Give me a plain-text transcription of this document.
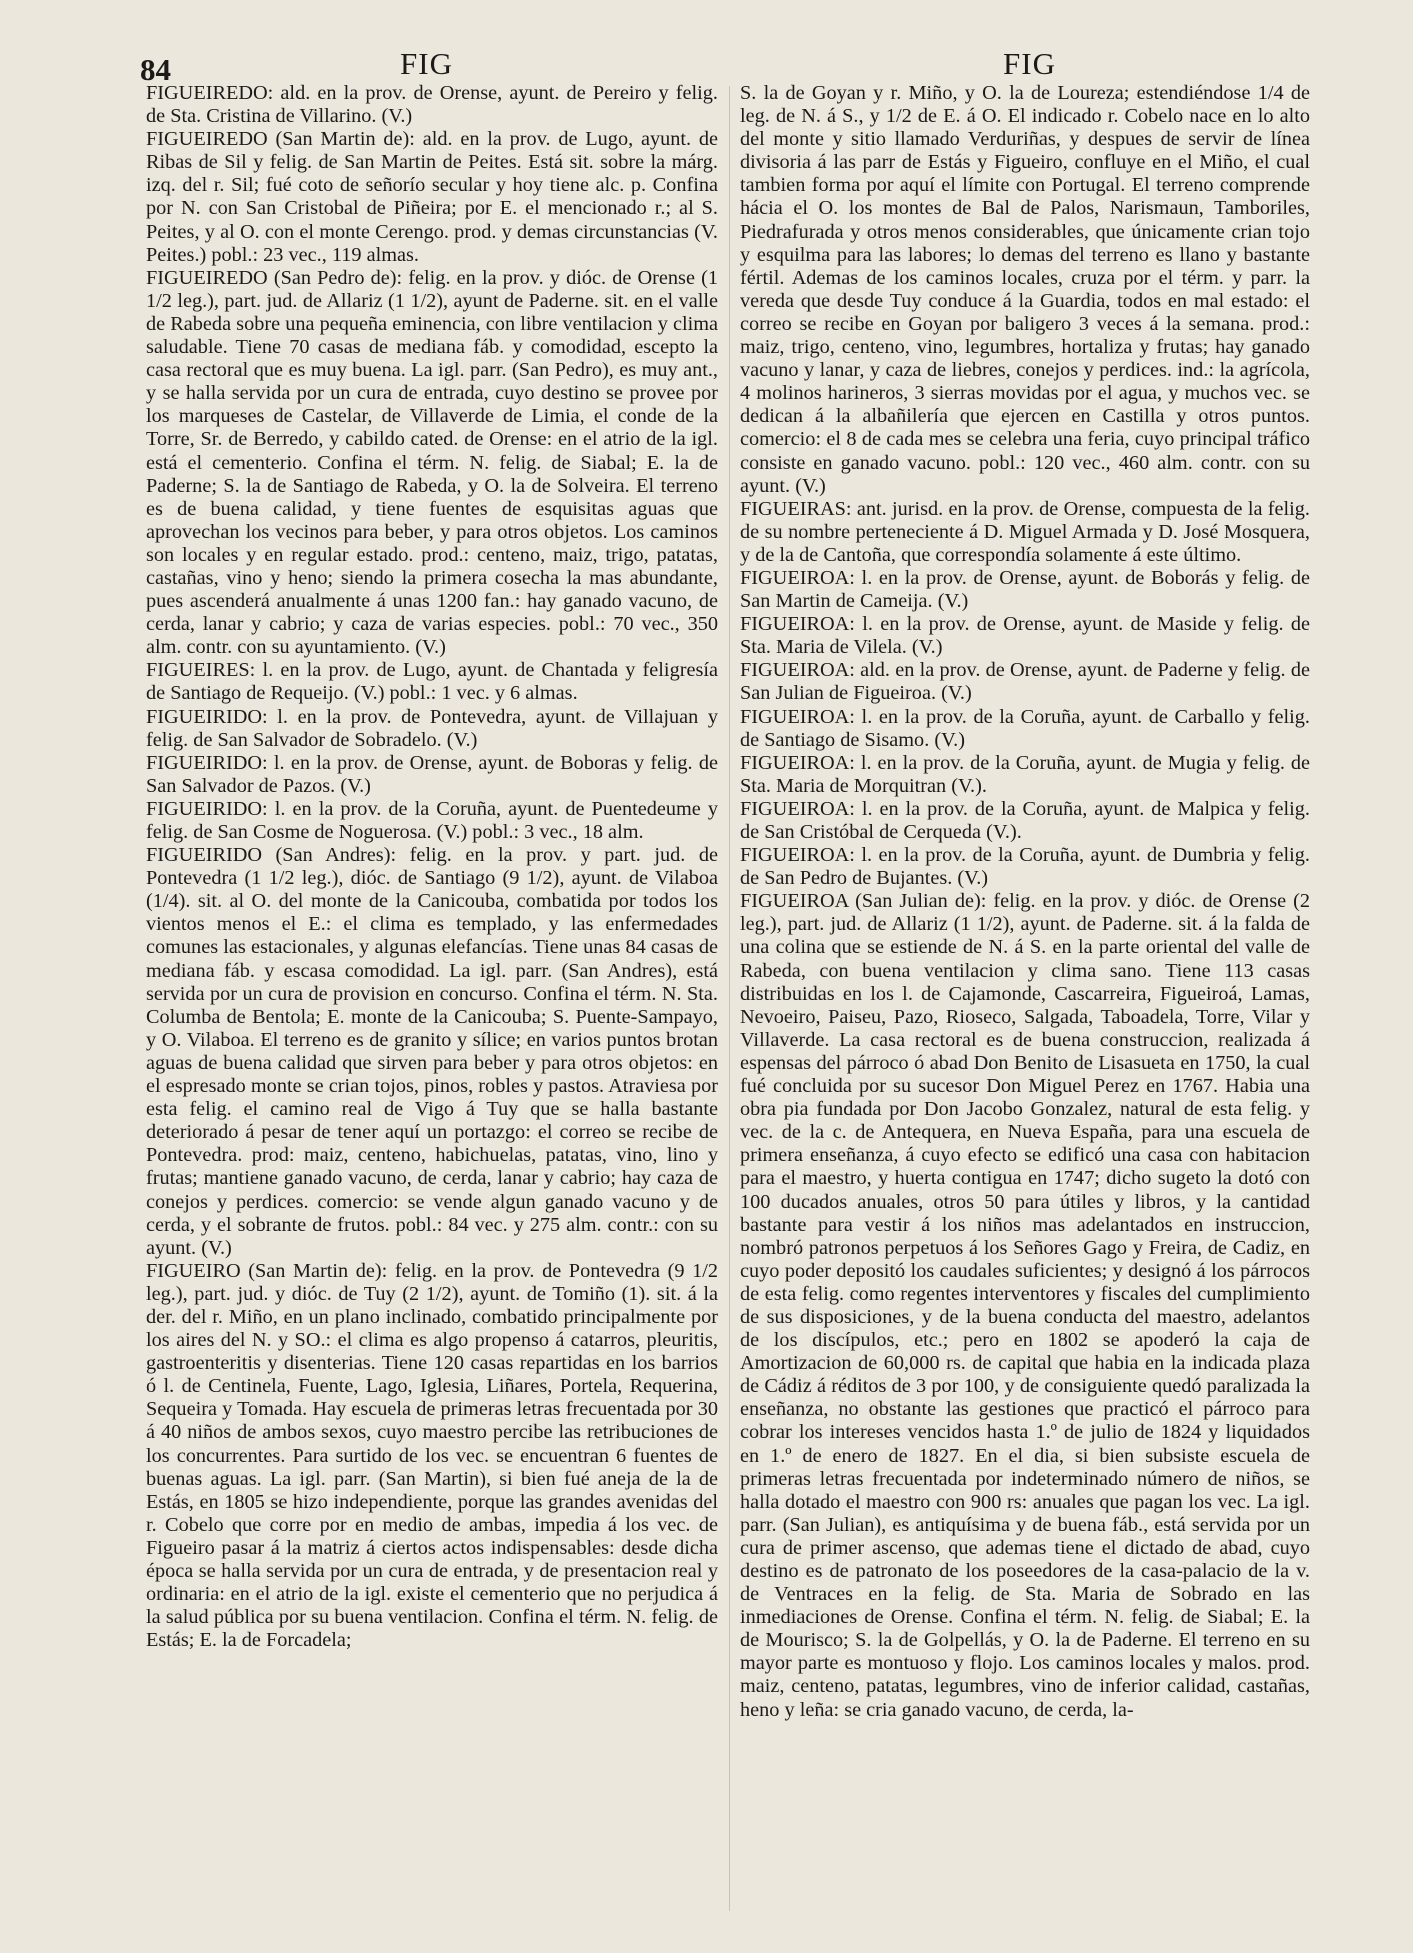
84	FIG	FIG

FIGUEIREDO: ald. en la prov. de Orense, ayunt. de Pereiro y felig. de Sta. Cristina de Villarino. (V.)

FIGUEIREDO (San Martin de): ald. en la prov. de Lugo, ayunt. de Ribas de Sil y felig. de San Martin de Peites. Está sit. sobre la márg. izq. del r. Sil; fué coto de señorío secular y hoy tiene alc. p. Confina por N. con San Cristobal de Piñeira; por E. el mencionado r.; al S. Peites, y al O. con el monte Cerengo. prod. y demas circunstancias (V. Peites.) pobl.: 23 vec., 119 almas.

FIGUEIREDO (San Pedro de): felig. en la prov. y dióc. de Orense (1 1/2 leg.), part. jud. de Allariz (1 1/2), ayunt de Paderne. sit. en el valle de Rabeda sobre una pequeña eminencia, con libre ventilacion y clima saludable. Tiene 70 casas de mediana fáb. y comodidad, escepto la casa rectoral que es muy buena. La igl. parr. (San Pedro), es muy ant., y se halla servida por un cura de entrada, cuyo destino se provee por los marqueses de Castelar, de Villaverde de Limia, el conde de la Torre, Sr. de Berredo, y cabildo cated. de Orense: en el atrio de la igl. está el cementerio. Confina el térm. N. felig. de Siabal; E. la de Paderne; S. la de Santiago de Rabeda, y O. la de Solveira. El terreno es de buena calidad, y tiene fuentes de esquisitas aguas que aprovechan los vecinos para beber, y para otros objetos. Los caminos son locales y en regular estado. prod.: centeno, maiz, trigo, patatas, castañas, vino y heno; siendo la primera cosecha la mas abundante, pues ascenderá anualmente á unas 1200 fan.: hay ganado vacuno, de cerda, lanar y cabrio; y caza de varias especies. pobl.: 70 vec., 350 alm. contr. con su ayuntamiento. (V.)

FIGUEIRES: l. en la prov. de Lugo, ayunt. de Chantada y feligresía de Santiago de Requeijo. (V.) pobl.: 1 vec. y 6 almas.

FIGUEIRIDO: l. en la prov. de Pontevedra, ayunt. de Villajuan y felig. de San Salvador de Sobradelo. (V.)

FIGUEIRIDO: l. en la prov. de Orense, ayunt. de Boboras y felig. de San Salvador de Pazos. (V.)

FIGUEIRIDO: l. en la prov. de la Coruña, ayunt. de Puentedeume y felig. de San Cosme de Noguerosa. (V.) pobl.: 3 vec., 18 alm.

FIGUEIRIDO (San Andres): felig. en la prov. y part. jud. de Pontevedra (1 1/2 leg.), dióc. de Santiago (9 1/2), ayunt. de Vilaboa (1/4). sit. al O. del monte de la Canicouba, combatida por todos los vientos menos el E.: el clima es templado, y las enfermedades comunes las estacionales, y algunas elefancías. Tiene unas 84 casas de mediana fáb. y escasa comodidad. La igl. parr. (San Andres), está servida por un cura de provision en concurso. Confina el térm. N. Sta. Columba de Bentola; E. monte de la Canicouba; S. Puente-Sampayo, y O. Vilaboa. El terreno es de granito y sílice; en varios puntos brotan aguas de buena calidad que sirven para beber y para otros objetos: en el espresado monte se crian tojos, pinos, robles y pastos. Atraviesa por esta felig. el camino real de Vigo á Tuy que se halla bastante deteriorado á pesar de tener aquí un portazgo: el correo se recibe de Pontevedra. prod: maiz, centeno, habichuelas, patatas, vino, lino y frutas; mantiene ganado vacuno, de cerda, lanar y cabrio; hay caza de conejos y perdices. comercio: se vende algun ganado vacuno y de cerda, y el sobrante de frutos. pobl.: 84 vec. y 275 alm. contr.: con su ayunt. (V.)

FIGUEIRO (San Martin de): felig. en la prov. de Pontevedra (9 1/2 leg.), part. jud. y dióc. de Tuy (2 1/2), ayunt. de Tomiño (1). sit. á la der. del r. Miño, en un plano inclinado, combatido principalmente por los aires del N. y SO.: el clima es algo propenso á catarros, pleuritis, gastroenteritis y disenterias. Tiene 120 casas repartidas en los barrios ó l. de Centinela, Fuente, Lago, Iglesia, Liñares, Portela, Requerina, Sequeira y Tomada. Hay escuela de primeras letras frecuentada por 30 á 40 niños de ambos sexos, cuyo maestro percibe las retribuciones de los concurrentes. Para surtido de los vec. se encuentran 6 fuentes de buenas aguas. La igl. parr. (San Martin), si bien fué aneja de la de Estás, en 1805 se hizo independiente, porque las grandes avenidas del r. Cobelo que corre por en medio de ambas, impedia á los vec. de Figueiro pasar á la matriz á ciertos actos indispensables: desde dicha época se halla servida por un cura de entrada, y de presentacion real y ordinaria: en el atrio de la igl. existe el cementerio que no perjudica á la salud pública por su buena ventilacion. Confina el térm. N. felig. de Estás; E. la de Forcadela;

S. la de Goyan y r. Miño, y O. la de Loureza; estendiéndose 1/4 de leg. de N. á S., y 1/2 de E. á O. El indicado r. Cobelo nace en lo alto del monte y sitio llamado Verduriñas, y despues de servir de línea divisoria á las parr de Estás y Figueiro, confluye en el Miño, el cual tambien forma por aquí el límite con Portugal. El terreno comprende hácia el O. los montes de Bal de Palos, Narismaun, Tamboriles, Piedrafurada y otros menos considerables, que únicamente crian tojo y esquilma para las labores; lo demas del terreno es llano y bastante fértil. Ademas de los caminos locales, cruza por el térm. y parr. la vereda que desde Tuy conduce á la Guardia, todos en mal estado: el correo se recibe en Goyan por baligero 3 veces á la semana. prod.: maiz, trigo, centeno, vino, legumbres, hortaliza y frutas; hay ganado vacuno y lanar, y caza de liebres, conejos y perdices. ind.: la agrícola, 4 molinos harineros, 3 sierras movidas por el agua, y muchos vec. se dedican á la albañilería que ejercen en Castilla y otros puntos. comercio: el 8 de cada mes se celebra una feria, cuyo principal tráfico consiste en ganado vacuno. pobl.: 120 vec., 460 alm. contr. con su ayunt. (V.)

FIGUEIRAS: ant. jurisd. en la prov. de Orense, compuesta de la felig. de su nombre perteneciente á D. Miguel Armada y D. José Mosquera, y de la de Cantoña, que correspondía solamente á este último.

FIGUEIROA: l. en la prov. de Orense, ayunt. de Boborás y felig. de San Martin de Cameija. (V.)

FIGUEIROA: l. en la prov. de Orense, ayunt. de Maside y felig. de Sta. Maria de Vilela. (V.)

FIGUEIROA: ald. en la prov. de Orense, ayunt. de Paderne y felig. de San Julian de Figueiroa. (V.)

FIGUEIROA: l. en la prov. de la Coruña, ayunt. de Carballo y felig. de Santiago de Sisamo. (V.)

FIGUEIROA: l. en la prov. de la Coruña, ayunt. de Mugia y felig. de Sta. Maria de Morquitran (V.).

FIGUEIROA: l. en la prov. de la Coruña, ayunt. de Malpica y felig. de San Cristóbal de Cerqueda (V.).

FIGUEIROA: l. en la prov. de la Coruña, ayunt. de Dumbria y felig. de San Pedro de Bujantes. (V.)

FIGUEIROA (San Julian de): felig. en la prov. y dióc. de Orense (2 leg.), part. jud. de Allariz (1 1/2), ayunt. de Paderne. sit. á la falda de una colina que se estiende de N. á S. en la parte oriental del valle de Rabeda, con buena ventilacion y clima sano. Tiene 113 casas distribuidas en los l. de Cajamonde, Cascarreira, Figueiroá, Lamas, Nevoeiro, Paiseu, Pazo, Rioseco, Salgada, Taboadela, Torre, Vilar y Villaverde. La casa rectoral es de buena construccion, realizada á espensas del párroco ó abad Don Benito de Lisasueta en 1750, la cual fué concluida por su sucesor Don Miguel Perez en 1767. Habia una obra pia fundada por Don Jacobo Gonzalez, natural de esta felig. y vec. de la c. de Antequera, en Nueva España, para una escuela de primera enseñanza, á cuyo efecto se edificó una casa con habitacion para el maestro, y huerta contigua en 1747; dicho sugeto la dotó con 100 ducados anuales, otros 50 para útiles y libros, y la cantidad bastante para vestir á los niños mas adelantados en instruccion, nombró patronos perpetuos á los Señores Gago y Freira, de Cadiz, en cuyo poder depositó los caudales suficientes; y designó á los párrocos de esta felig. como regentes interventores y fiscales del cumplimiento de sus disposiciones, y de la buena conducta del maestro, adelantos de los discípulos, etc.; pero en 1802 se apoderó la caja de Amortizacion de 60,000 rs. de capital que habia en la indicada plaza de Cádiz á réditos de 3 por 100, y de consiguiente quedó paralizada la enseñanza, no obstante las gestiones que practicó el párroco para cobrar los intereses vencidos hasta 1.º de julio de 1824 y liquidados en 1.º de enero de 1827. En el dia, si bien subsiste escuela de primeras letras frecuentada por indeterminado número de niños, se halla dotado el maestro con 900 rs: anuales que pagan los vec. La igl. parr. (San Julian), es antiquísima y de buena fáb., está servida por un cura de primer ascenso, que ademas tiene el dictado de abad, cuyo destino es de patronato de los poseedores de la casa-palacio de la v. de Ventraces en la felig. de Sta. Maria de Sobrado en las inmediaciones de Orense. Confina el térm. N. felig. de Siabal; E. la de Mourisco; S. la de Golpellás, y O. la de Paderne. El terreno en su mayor parte es montuoso y flojo. Los caminos locales y malos. prod. maiz, centeno, patatas, legumbres, vino de inferior calidad, castañas, heno y leña: se cria ganado vacuno, de cerda, la-
